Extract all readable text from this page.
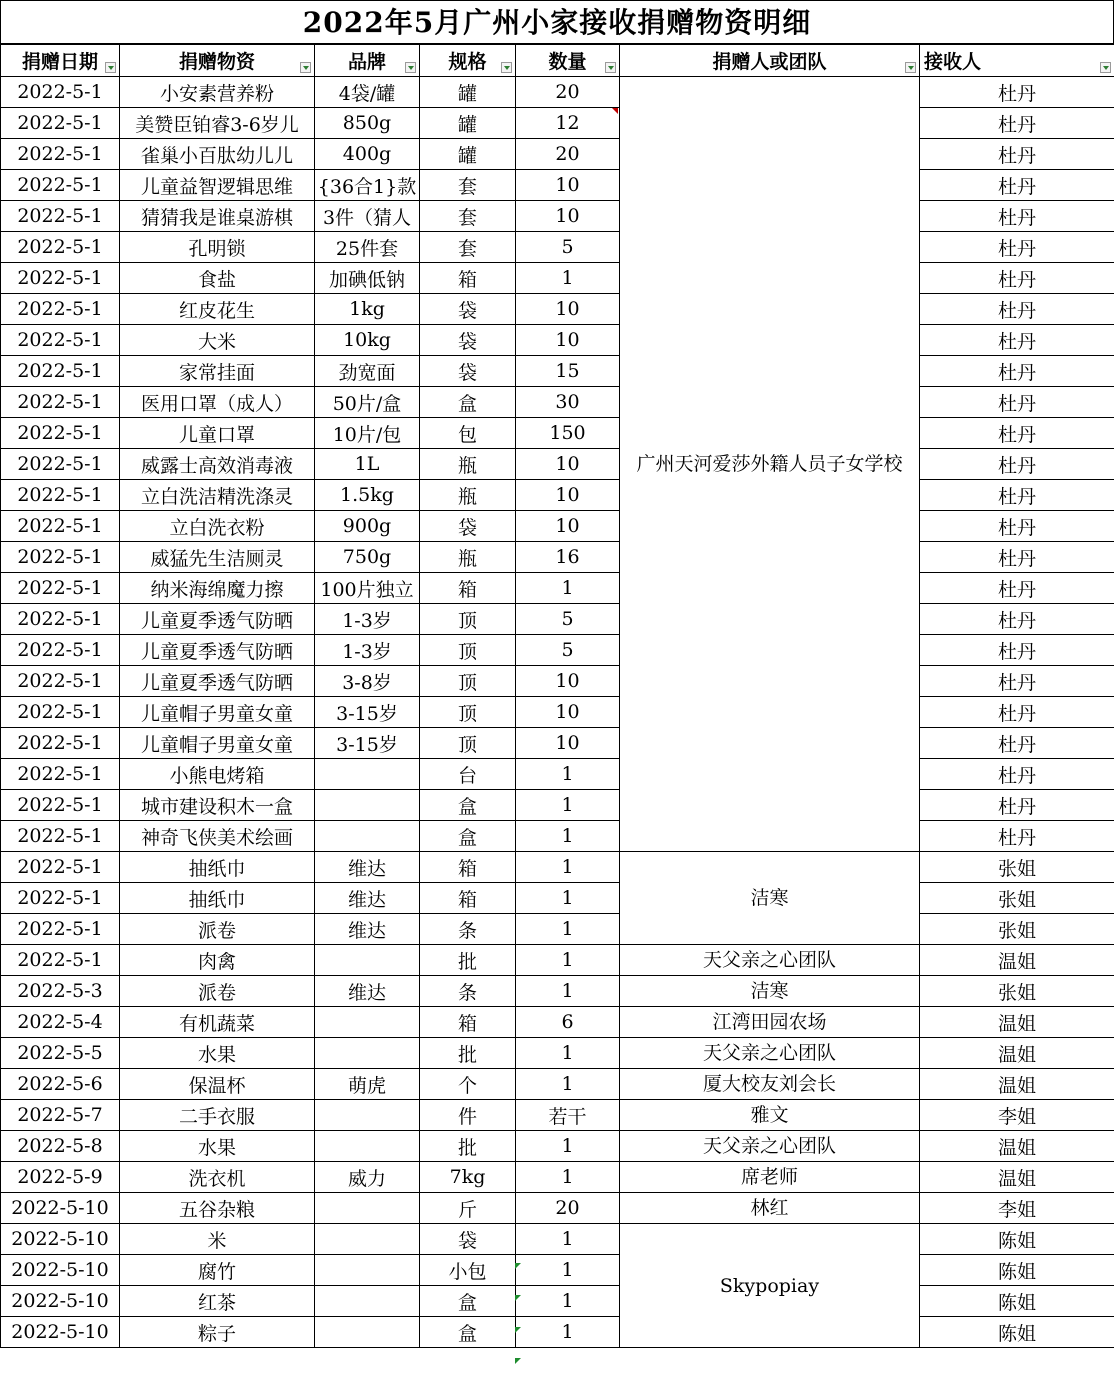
2022年5月广州小家接收捐赠物资明细
捐赠日期	捐赠物资	品牌	规格	数量	捐赠人或团队	接收人

2022-5-1	小安素营养粉	4袋/罐	罐	20	广州天河爱莎外籍人员子女学校	杜丹
2022-5-1	美赞臣铂睿3-6岁儿	850g	罐	12		杜丹
2022-5-1	雀巢小百肽幼儿儿	400g	罐	20		杜丹
2022-5-1	儿童益智逻辑思维	{36合1}款	套	10		杜丹
2022-5-1	猜猜我是谁桌游棋	3件（猜人	套	10		杜丹
2022-5-1	孔明锁	25件套	套	5		杜丹
2022-5-1	食盐	加碘低钠	箱	1		杜丹
2022-5-1	红皮花生	1kg	袋	10		杜丹
2022-5-1	大米	10kg	袋	10		杜丹
2022-5-1	家常挂面	劲宽面	袋	15		杜丹
2022-5-1	医用口罩（成人）	50片/盒	盒	30		杜丹
2022-5-1	儿童口罩	10片/包	包	150		杜丹
2022-5-1	威露士高效消毒液	1L	瓶	10		杜丹
2022-5-1	立白洗洁精洗涤灵	1.5kg	瓶	10		杜丹
2022-5-1	立白洗衣粉	900g	袋	10		杜丹
2022-5-1	威猛先生洁厕灵	750g	瓶	16		杜丹
2022-5-1	纳米海绵魔力擦	100片独立	箱	1		杜丹
2022-5-1	儿童夏季透气防晒	1-3岁	顶	5		杜丹
2022-5-1	儿童夏季透气防晒	1-3岁	顶	5		杜丹
2022-5-1	儿童夏季透气防晒	3-8岁	顶	10		杜丹
2022-5-1	儿童帽子男童女童	3-15岁	顶	10		杜丹
2022-5-1	儿童帽子男童女童	3-15岁	顶	10		杜丹
2022-5-1	小熊电烤箱		台	1		杜丹
2022-5-1	城市建设积木一盒		盒	1		杜丹
2022-5-1	神奇飞侠美术绘画		盒	1		杜丹
2022-5-1	抽纸巾	维达	箱	1	洁寒	张姐
2022-5-1	抽纸巾	维达	箱	1		张姐
2022-5-1	派卷	维达	条	1		张姐
2022-5-1	肉禽		批	1	天父亲之心团队	温姐
2022-5-3	派卷	维达	条	1	洁寒	张姐
2022-5-4	有机蔬菜		箱	6	江湾田园农场	温姐
2022-5-5	水果		批	1	天父亲之心团队	温姐
2022-5-6	保温杯	萌虎	个	1	厦大校友刘会长	温姐
2022-5-7	二手衣服		件	若干	雅文	李姐
2022-5-8	水果		批	1	天父亲之心团队	温姐
2022-5-9	洗衣机	威力	7kg	1	席老师	温姐
2022-5-10	五谷杂粮		斤	20	林红	李姐
2022-5-10	米		袋	1	Skypopiay	陈姐
2022-5-10	腐竹		小包	1		陈姐
2022-5-10	红茶		盒	1		陈姐
2022-5-10	粽子		盒	1		陈姐
